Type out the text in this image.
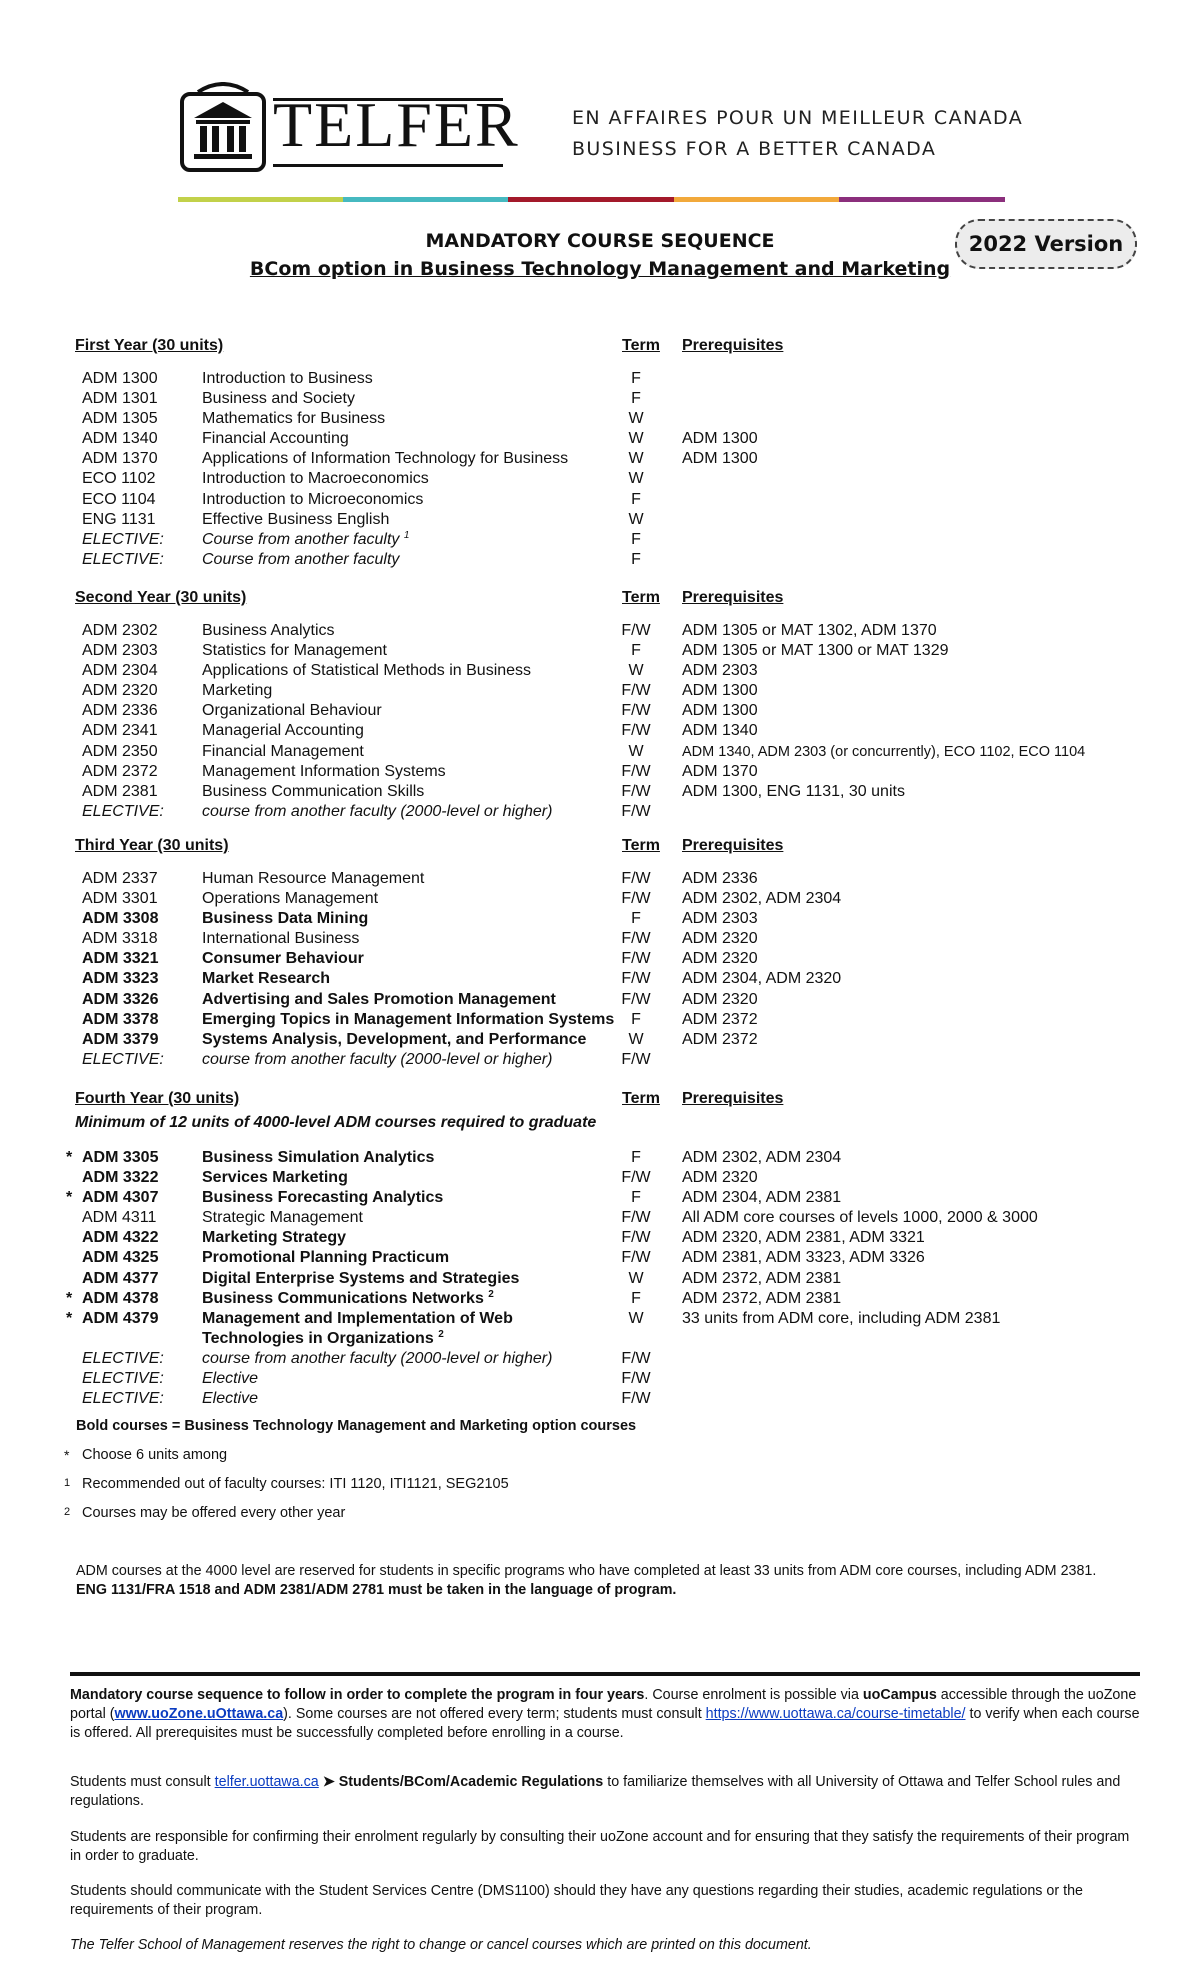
TELFER	EN AFFAIRES POUR UN MEILLEUR CANADA
BUSINESS FOR A BETTER CANADA
MANDATORY COURSE SEQUENCE
BCom option in Business Technology Management and Marketing
2022 Version
First Year (30 units)	Term Prerequisites
ADM 1300	Introduction to Business	F
ADM 1301	Business and Society	F
ADM 1305	Mathematics for Business	W
ADM 1340	Financial Accounting	W	ADM 1300
ADM 1370	Applications of Information Technology for Business	W	ADM 1300
ECO 1102	Introduction to Macroeconomics	W
ECO 1104	Introduction to Microeconomics	F
ENG 1131	Effective Business English	W
ELECTIVE: Course from another faculty $^1$	F
ELECTIVE: Course from another faculty	F
Second Year (30 units)	Term Prerequisites
ADM 2302	Business Analytics	F/W	ADM 1305 or MAT 1302, ADM 1370
ADM 2303	Statistics for Management	F	ADM 1305 or MAT 1300 or MAT 1329
ADM 2304	Applications of Statistical Methods in Business	W	ADM 2303
ADM 2320	Marketing	F/W	ADM 1300
ADM 2336	Organizational Behaviour	F/W	ADM 1300
ADM 2341	Managerial Accounting	F/W	ADM 1340
ADM 2350	Financial Management	W	ADM 1340, ADM 2303 (or concurrently), ECO 1102, ECO 1104
ADM 2372	Management Information Systems	F/W	ADM 1370
ADM 2381	Business Communication Skills	F/W	ADM 1300, ENG 1131, 30 units
ELECTIVE: course from another faculty (2000-level or higher)	F/W
Third Year (30 units)	Term Prerequisites
ADM 2337	Human Resource Management	F/W	ADM 2336
ADM 3301	Operations Management	F/W	ADM 2302, ADM 2304
ADM 3308	Business Data Mining	F	ADM 2303
ADM 3318	International Business	F/W	ADM 2320
ADM 3321	Consumer Behaviour	F/W	ADM 2320
ADM 3323	Market Research	F/W	ADM 2304, ADM 2320
ADM 3326	Advertising and Sales Promotion Management	F/W	ADM 2320
ADM 3378	Emerging Topics in Management Information Systems	F	ADM 2372
ADM 3379	Systems Analysis, Development, and Performance	W	ADM 2372
ELECTIVE: course from another faculty (2000-level or higher)	F/W
Fourth Year (30 units)	Term Prerequisites
Minimum of 12 units of 4000-level ADM courses required to graduate
* ADM 3305	Business Simulation Analytics	F	ADM 2302, ADM 2304
ADM 3322	Services Marketing	F/W	ADM 2320
* ADM 4307	Business Forecasting Analytics	F	ADM 2304, ADM 2381
ADM 4311	Strategic Management	F/W	All ADM core courses of levels 1000, 2000 & 3000
ADM 4322	Marketing Strategy	F/W	ADM 2320, ADM 2381, ADM 3321
ADM 4325	Promotional Planning Practicum	F/W	ADM 2381, ADM 3323, ADM 3326
ADM 4377	Digital Enterprise Systems and Strategies	W	ADM 2372, ADM 2381
* ADM 4378	Business Communications Networks $^2$	F	ADM 2372, ADM 2381
* ADM 4379	Management and Implementation of Web	W	33 units from ADM core, including ADM 2381
Technologies in Organizations $^2$
ELECTIVE: course from another faculty (2000-level or higher)	F/W
ELECTIVE: Elective	F/W
ELECTIVE: Elective	F/W
Bold courses = Business Technology Management and Marketing option courses
* Choose 6 units among
1 Recommended out of faculty courses: ITI 1120, ITI1121, SEG2105
2 Courses may be offered every other year
ADM courses at the 4000 level are reserved for students in specific programs who have completed at least 33 units from ADM core courses, including ADM 2381. ENG 1131/FRA 1518 and ADM 2381/ADM 2781 must be taken in the language of program.
Mandatory course sequence to follow in order to complete the program in four years. Course enrolment is possible via uoCampus accessible through the uoZone portal (www.uoZone.uOttawa.ca). Some courses are not offered every term; students must consult https://www.uottawa.ca/course-timetable/ to verify when each course is offered. All prerequisites must be successfully completed before enrolling in a course.
Students must consult telfer.uottawa.ca ➤ Students/BCom/Academic Regulations to familiarize themselves with all University of Ottawa and Telfer School rules and regulations.
Students are responsible for confirming their enrolment regularly by consulting their uoZone account and for ensuring that they satisfy the requirements of their program in order to graduate.
Students should communicate with the Student Services Centre (DMS1100) should they have any questions regarding their studies, academic regulations or the requirements of their program.
The Telfer School of Management reserves the right to change or cancel courses which are printed on this document.
